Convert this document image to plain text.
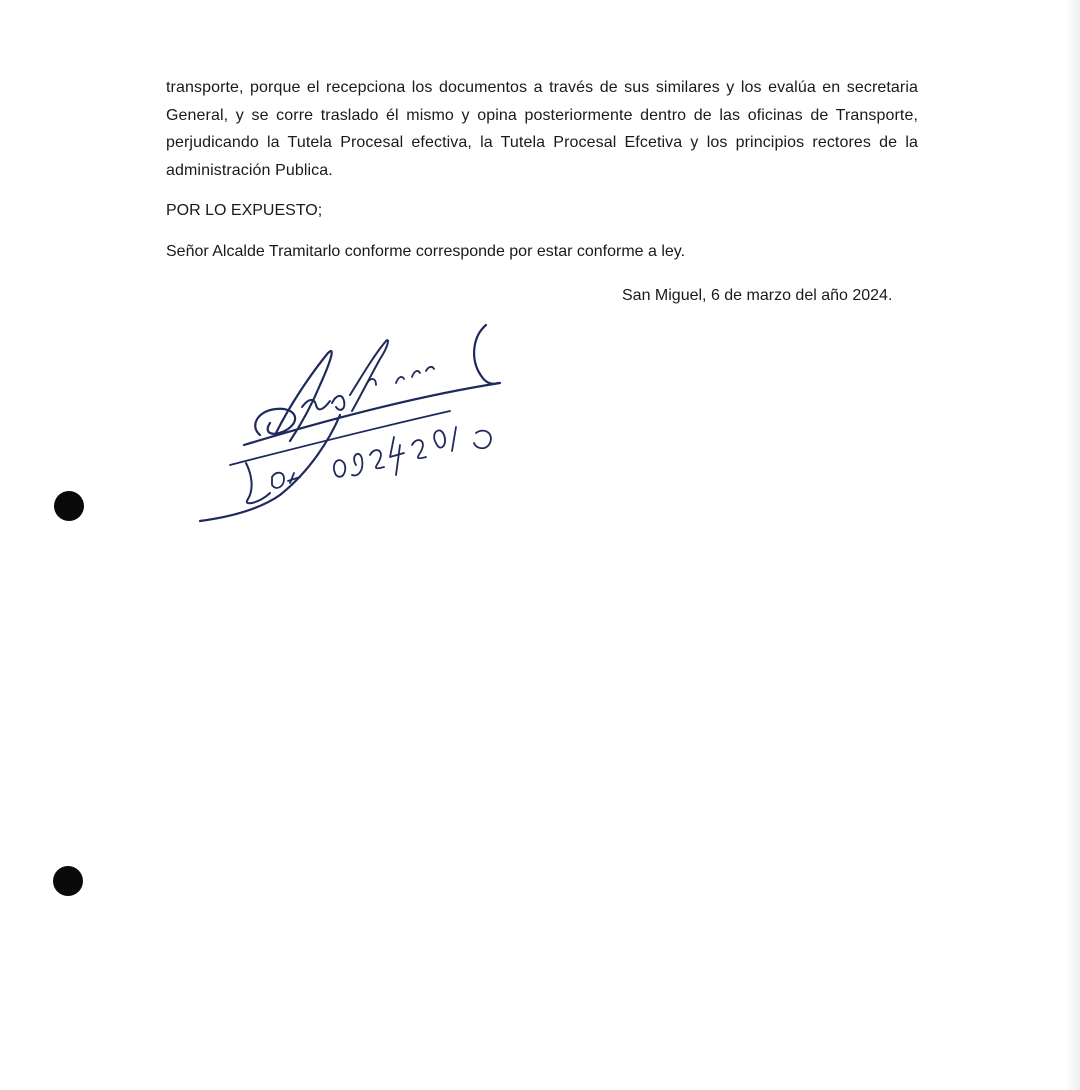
transporte, porque el recepciona los documentos a través de sus similares y los evalúa en secretaria General, y se corre traslado él mismo y opina posteriormente dentro de las oficinas de Transporte, perjudicando la Tutela Procesal efectiva, la Tutela Procesal Efcetiva y los principios rectores de la administración Publica.

POR LO EXPUESTO;

Señor Alcalde Tramitarlo conforme corresponde por estar conforme a ley.

San Miguel, 6 de marzo del año 2024.
